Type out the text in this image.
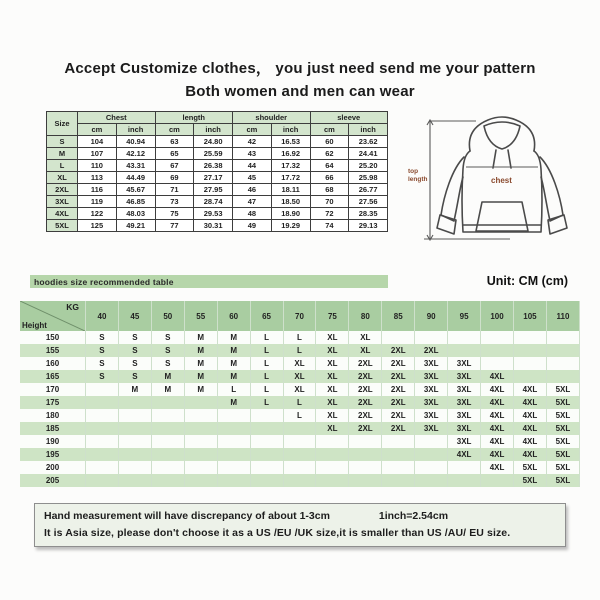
Accept Customize clothes， you just need send me your pattern
Both women and men can wear
Size	Chest		length		shoulder		sleeve	
	cm	inch	cm	inch	cm	inch	cm	inch
S	104	40.94	63	24.80	42	16.53	60	23.62
M	107	42.12	65	25.59	43	16.92	62	24.41
L	110	43.31	67	26.38	44	17.32	64	25.20
XL	113	44.49	69	27.17	45	17.72	66	25.98
2XL	116	45.67	71	27.95	46	18.11	68	26.77
3XL	119	46.85	73	28.74	47	18.50	70	27.56
4XL	122	48.03	75	29.53	48	18.90	72	28.35
5XL	125	49.21	77	30.31	49	19.29	74	29.13
chest
top
length
hoodies size recommended table	Unit: CM (cm)
KG
Height	40	45	50	55	60	65	70	75	80	85	90	95	100	105	110
150	S	S	S	M	M	L	L	XL	XL						
155	S	S	S	M	M	L	L	XL	XL	2XL	2XL				
160	S	S	S	M	M	L	XL	XL	2XL	2XL	3XL	3XL			
165	S	S	M	M	M	L	XL	XL	2XL	2XL	3XL	3XL	4XL		
170		M	M	M	L	L	XL	XL	2XL	2XL	3XL	3XL	4XL	4XL	5XL
175					M	L	L	XL	2XL	2XL	3XL	3XL	4XL	4XL	5XL
180							L	XL	2XL	2XL	3XL	3XL	4XL	4XL	5XL
185								XL	2XL	2XL	3XL	3XL	4XL	4XL	5XL
190												3XL	4XL	4XL	5XL
195												4XL	4XL	4XL	5XL
200													4XL	5XL	5XL
205														5XL	5XL
Hand measurement will have discrepancy of about 1-3cm	1inch=2.54cm
It is Asia size, please don't choose it as a US /EU /UK size,it is smaller than US /AU/ EU size.
